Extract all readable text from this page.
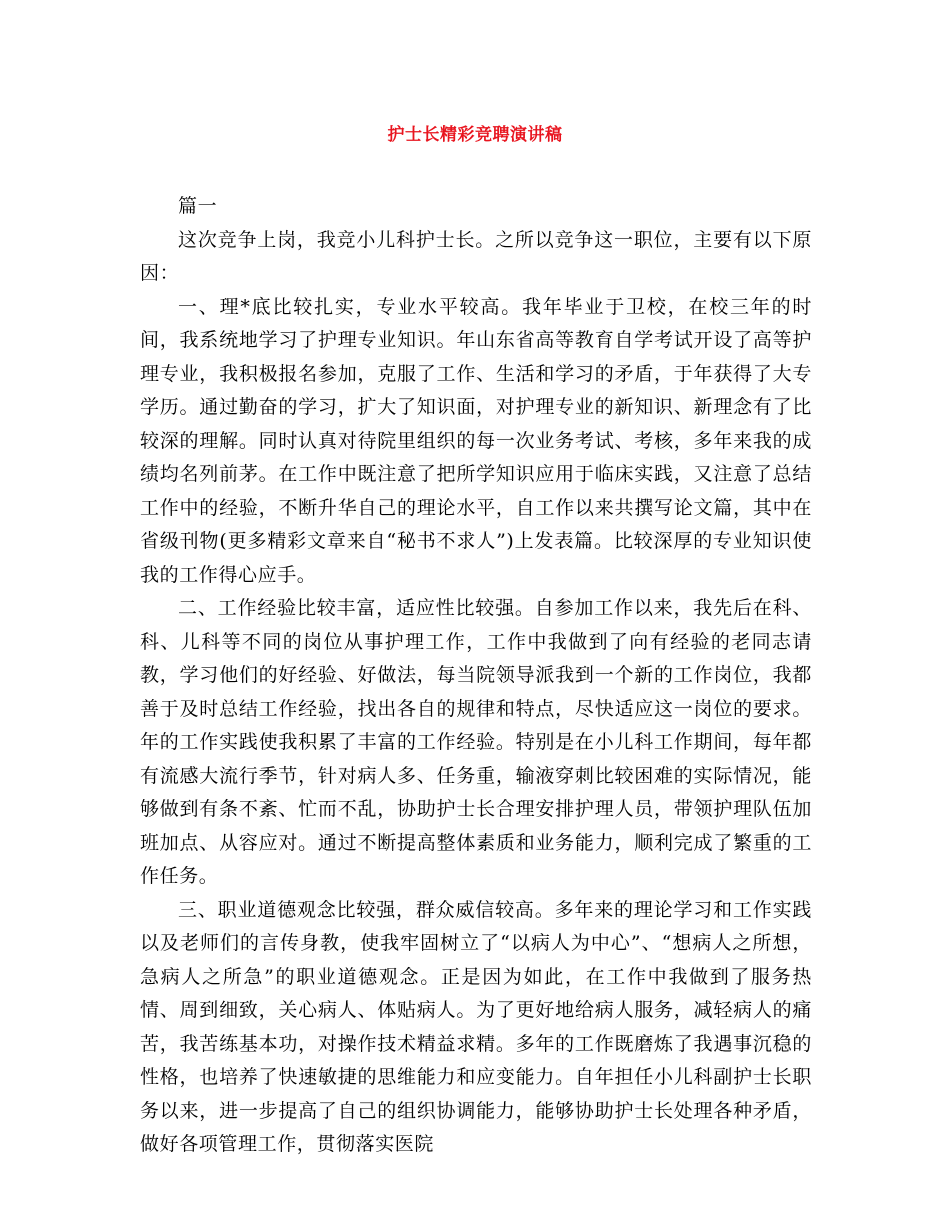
护士长精彩竞聘演讲稿

篇一

这次竞争上岗，我竞小儿科护士长。之所以竞争这一职位，主要有以下原因：

一、理*底比较扎实，专业水平较高。我年毕业于卫校，在校三年的时间，我系统地学习了护理专业知识。年山东省高等教育自学考试开设了高等护理专业，我积极报名参加，克服了工作、生活和学习的矛盾，于年获得了大专学历。通过勤奋的学习，扩大了知识面，对护理专业的新知识、新理念有了比较深的理解。同时认真对待院里组织的每一次业务考试、考核，多年来我的成绩均名列前茅。在工作中既注意了把所学知识应用于临床实践，又注意了总结工作中的经验，不断升华自己的理论水平，自工作以来共撰写论文篇，其中在省级刊物(更多精彩文章来自“秘书不求人”)上发表篇。比较深厚的专业知识使我的工作得心应手。

二、工作经验比较丰富，适应性比较强。自参加工作以来，我先后在科、科、儿科等不同的岗位从事护理工作，工作中我做到了向有经验的老同志请教，学习他们的好经验、好做法，每当院领导派我到一个新的工作岗位，我都善于及时总结工作经验，找出各自的规律和特点，尽快适应这一岗位的要求。年的工作实践使我积累了丰富的工作经验。特别是在小儿科工作期间，每年都有流感大流行季节，针对病人多、任务重，输液穿刺比较困难的实际情况，能够做到有条不紊、忙而不乱，协助护士长合理安排护理人员，带领护理队伍加班加点、从容应对。通过不断提高整体素质和业务能力，顺利完成了繁重的工作任务。

三、职业道德观念比较强，群众威信较高。多年来的理论学习和工作实践以及老师们的言传身教，使我牢固树立了“以病人为中心”、“想病人之所想，急病人之所急”的职业道德观念。正是因为如此，在工作中我做到了服务热情、周到细致，关心病人、体贴病人。为了更好地给病人服务，减轻病人的痛苦，我苦练基本功，对操作技术精益求精。多年的工作既磨炼了我遇事沉稳的性格，也培养了快速敏捷的思维能力和应变能力。自年担任小儿科副护士长职务以来，进一步提高了自己的组织协调能力，能够协助护士长处理各种矛盾，做好各项管理工作，贯彻落实医院
